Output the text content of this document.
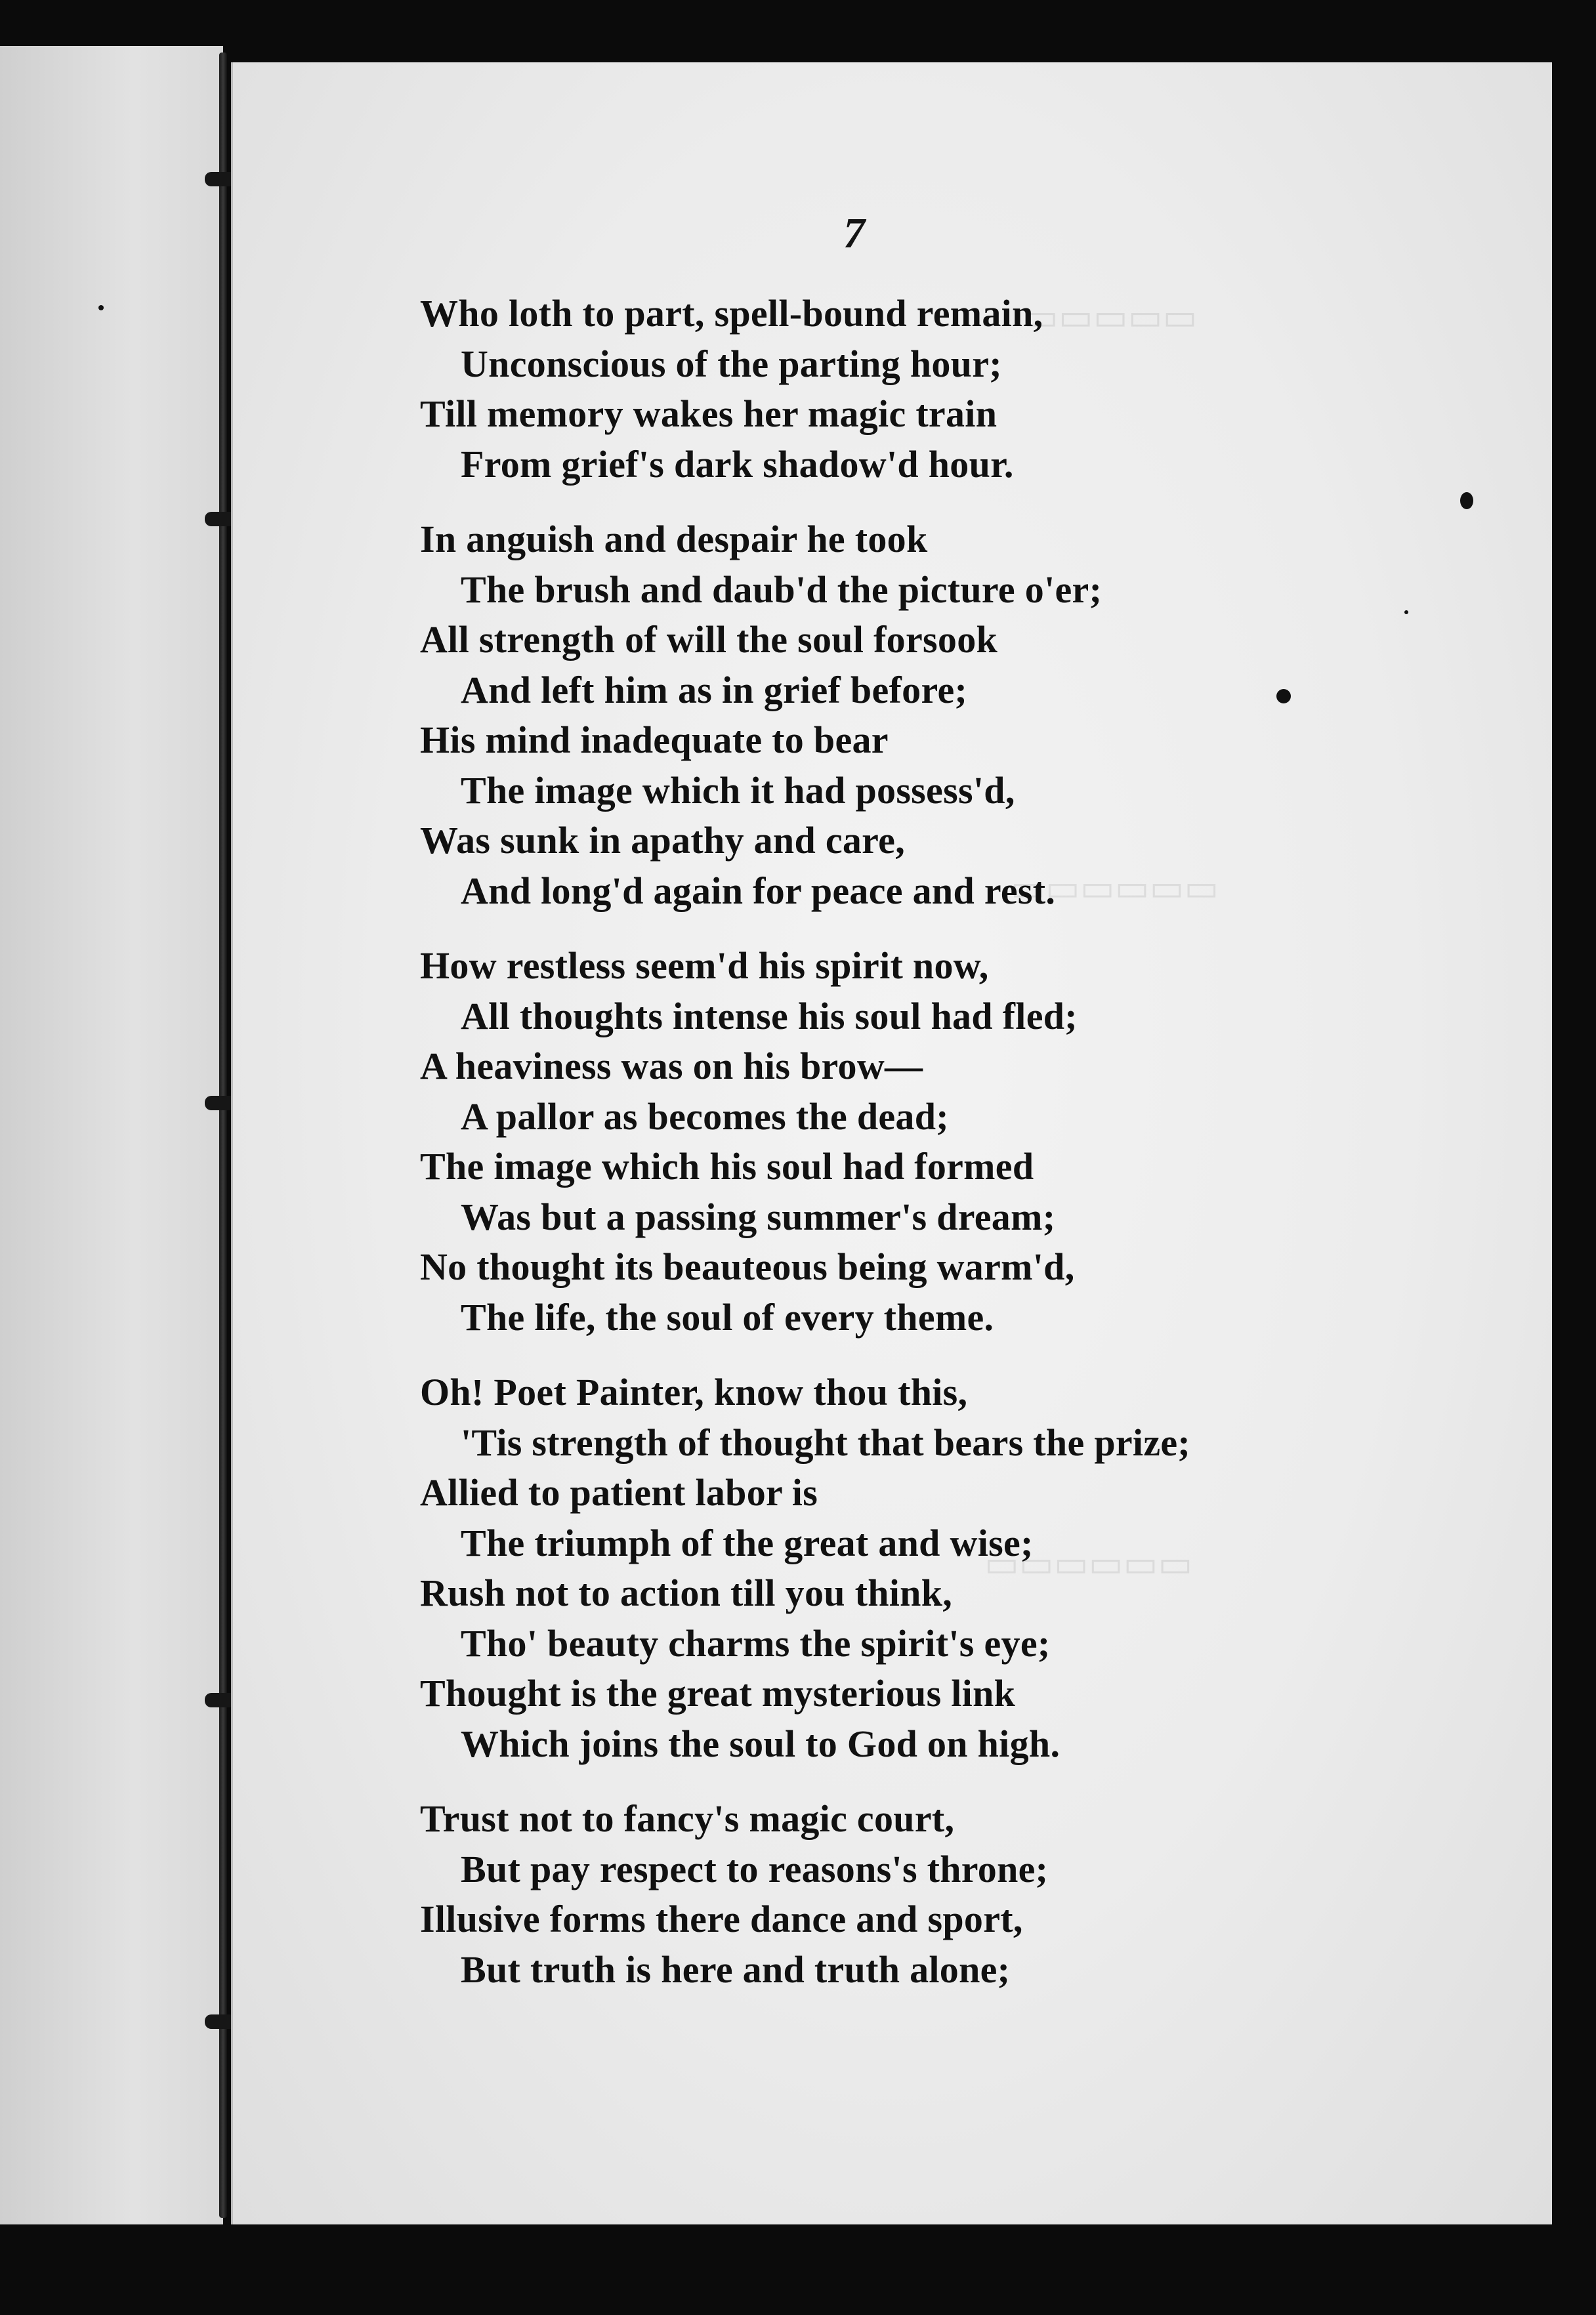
▭▭▭▭▭
▭▭▭▭▭▭
▭▭▭▭▭▭
7
Who loth to part, spell-bound remain,
Unconscious of the parting hour;
Till memory wakes her magic train
From grief's dark shadow'd hour.
In anguish and despair he took
The brush and daub'd the picture o'er;
All strength of will the soul forsook
And left him as in grief before;
His mind inadequate to bear
The image which it had possess'd,
Was sunk in apathy and care,
And long'd again for peace and rest.
How restless seem'd his spirit now,
All thoughts intense his soul had fled;
A heaviness was on his brow—
A pallor as becomes the dead;
The image which his soul had formed
Was but a passing summer's dream;
No thought its beauteous being warm'd,
The life, the soul of every theme.
Oh! Poet Painter, know thou this,
'Tis strength of thought that bears the prize;
Allied to patient labor is
The triumph of the great and wise;
Rush not to action till you think,
Tho' beauty charms the spirit's eye;
Thought is the great mysterious link
Which joins the soul to God on high.
Trust not to fancy's magic court,
But pay respect to reasons's throne;
Illusive forms there dance and sport,
But truth is here and truth alone;
